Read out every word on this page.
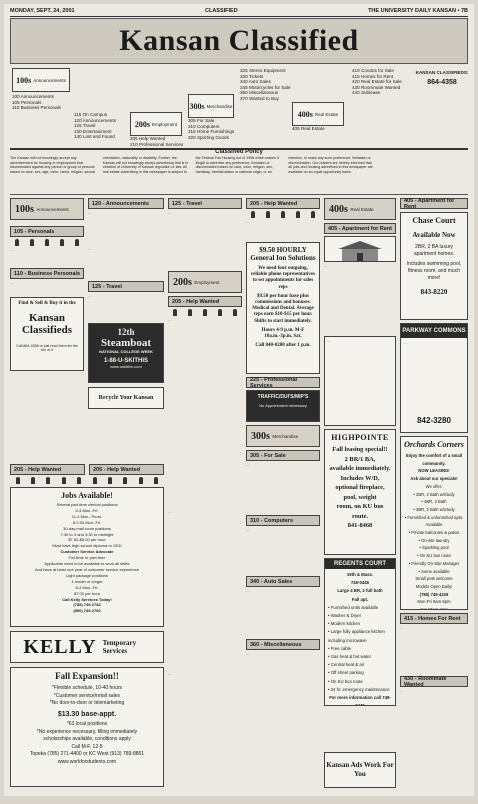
MONDAY, SEPT. 24, 2001	CLASSIFIED	THE UNIVERSITY DAILY KANSAN • 7B
Kansan Classified
100s
Announcements
100 Announcements
105 Personals
110 Business Personals
115 On Campus
120 Announcements
125 Travel
130 Entertainment
140 Lost and Found
200s
Employment
205 Help Wanted
210 Professional Services
300s
Merchandise
305 For Sale
310 Computers
315 Home Furnishings
320 Sporting Goods
325 Stereo Equipment
330 Tickets
340 Auto Sales
345 Motorcycles for Sale
360 Miscellaneous
370 Wanted to Buy
400s
Real Estate
405 Real Estate
410 Condos for Sale
415 Homes for Rent
420 Real Estate for Sale
430 Roommate Wanted
440 Sublease
KANSAN CLASSIFIEDS:
864-4358
Classified Policy
The Kansan will not knowingly accept any advertisement for housing or employment that discriminates against any person or group of persons based on race, sex, age, color, creed, religion, sexual orientation, nationality or disability. Further, the Kansan will not knowingly accept advertising that is in violation of University of Kansas regulation or law. All real estate advertising in this newspaper is subject to the Federal Fair Housing Act of 1968 which makes it illegal to advertise any preference, limitation or discrimination based on race, color, religion, sex, handicap, familial status or national origin, or an intention, to make any such preference, limitation or discrimination. Our readers are hereby informed that all jobs and housing advertised in this newspaper are available on an equal opportunity basis.
100s
Announcements
105 - Personals
…
110 - Business Personals
…
Find & Sell & Buy it in the
Kansan Classifieds
Call 864-4358 or just read them for the fun of it
120 - Announcements
…
…
125 - Travel
…
12th
Steamboat
NATIONAL COLLEGE WEEK
1-88-U-SKITHIS
www.uskithis.com
Recycle Your Kansan
205 - Help Wanted	205 - Help Wanted
Jobs Available!
Several part-time clerical positions
9-3 Mon.-Fri.
11-4 Mon.-Thurs.
8-2:30 Mon.-Fri.
30-day mail room positions
7:30 to 3 and 3:30 to midnight
$7.50-$8.00 per hour
Must have high school diploma or GED
Customer Service Advocate
Full-time or part-time
Applicants need to be available to work all shifts
And have at least one year of customer service experience
Light package positions
1 month or longer
8-4 Mon.-Fri.
$7.00 per hour
Call Kelly Services Today!
(785) 749-2782
(800) 749-2782
KELLY Temporary Services
Fall Expansion!!
*Flexible schedule, 10-40 hours
*Customer service/retail sales
*No door-to-door or telemarketing
$13.30 base-appt.
*63 local positions
*No experience necessary, filling immediately
scholarships available, conditions apply
Call M-F, 12-5
Topeka (785) 271-4400 or KC West (913) 789-8861
www.workforstudents.com
125 - Travel
…
200s
Employment
205 - Help Wanted
…
…
…
205 - Help Wanted
…
$9.50 HOURLY General Ion Solutions
We need four outgoing, reliable phone representatives to set appointments for sales reps
$9.50 per hour base plus commissions and bonuses. Medical and Dental. Average reps earn $10-$15 per hour. Shifts to start immediately.
Hours 4-9 p.m. M-F 10a.m.-3p.m. Sat.
Call 840-0200 after 1 p.m.
225 - Professional Services
TRAFFIC/DUI'S/MIP'S
No Appointment necessary
300s
Merchandise
305 - For Sale
…
310 - Computers
…
340 - Auto Sales
…
360 - Miscellaneous
…
400s
Real Estate
405 - Apartment for Rent
…
…
HIGHPOINTE
Fall leasing special!!
2 BR/1 BA,
available immediately.
Includes W/D,
optional fireplace,
pool, weight
room, on KU bus
route.
841-8468
REGENTS COURT
19th & Mass.
749-0445
Large 4 BR, 2 full bath
Fall apt.
• Furnished units available
• Washer & Dryer
• Modern kitchen
• Large fully appliance kitchen including microwave
• Free cable
• Gas heat & hot water
• Central heat & air
• Off street parking
• On KU bus route
• 24 hr. emergency maintenance
For more information call 749-0445
405 - Apartment for Rent
Chase Court
Available Now
2BR, 2 BA luxury apartment homes.
Includes swimming pool, fitness room, and much more!
843-8220
PARKWAY COMMONS
…
842-3280
Orchards Corners
Enjoy the comfort of a small community.
NOW LEASING!
Ask about our specials!
We offer:
• 2BR, 2 Bath w/Study
• 4BR, 3 Bath
• 3BR, 2 Bath w/Study
• Furnished & unfurnished apts. Available
• Private balconies & patios
• On-site laundry
• Sparkling pool
• On KU bus route
• Friendly On-Site Manager
• Some available
Small pets welcome
Models Open Daily!
(785) 749-4226
Mon-Fri 9am-5pm
Sat 10am-4pm
415 - Homes For Rent
…
430 - Roommate Wanted
…
Kansan Ads Work For You
